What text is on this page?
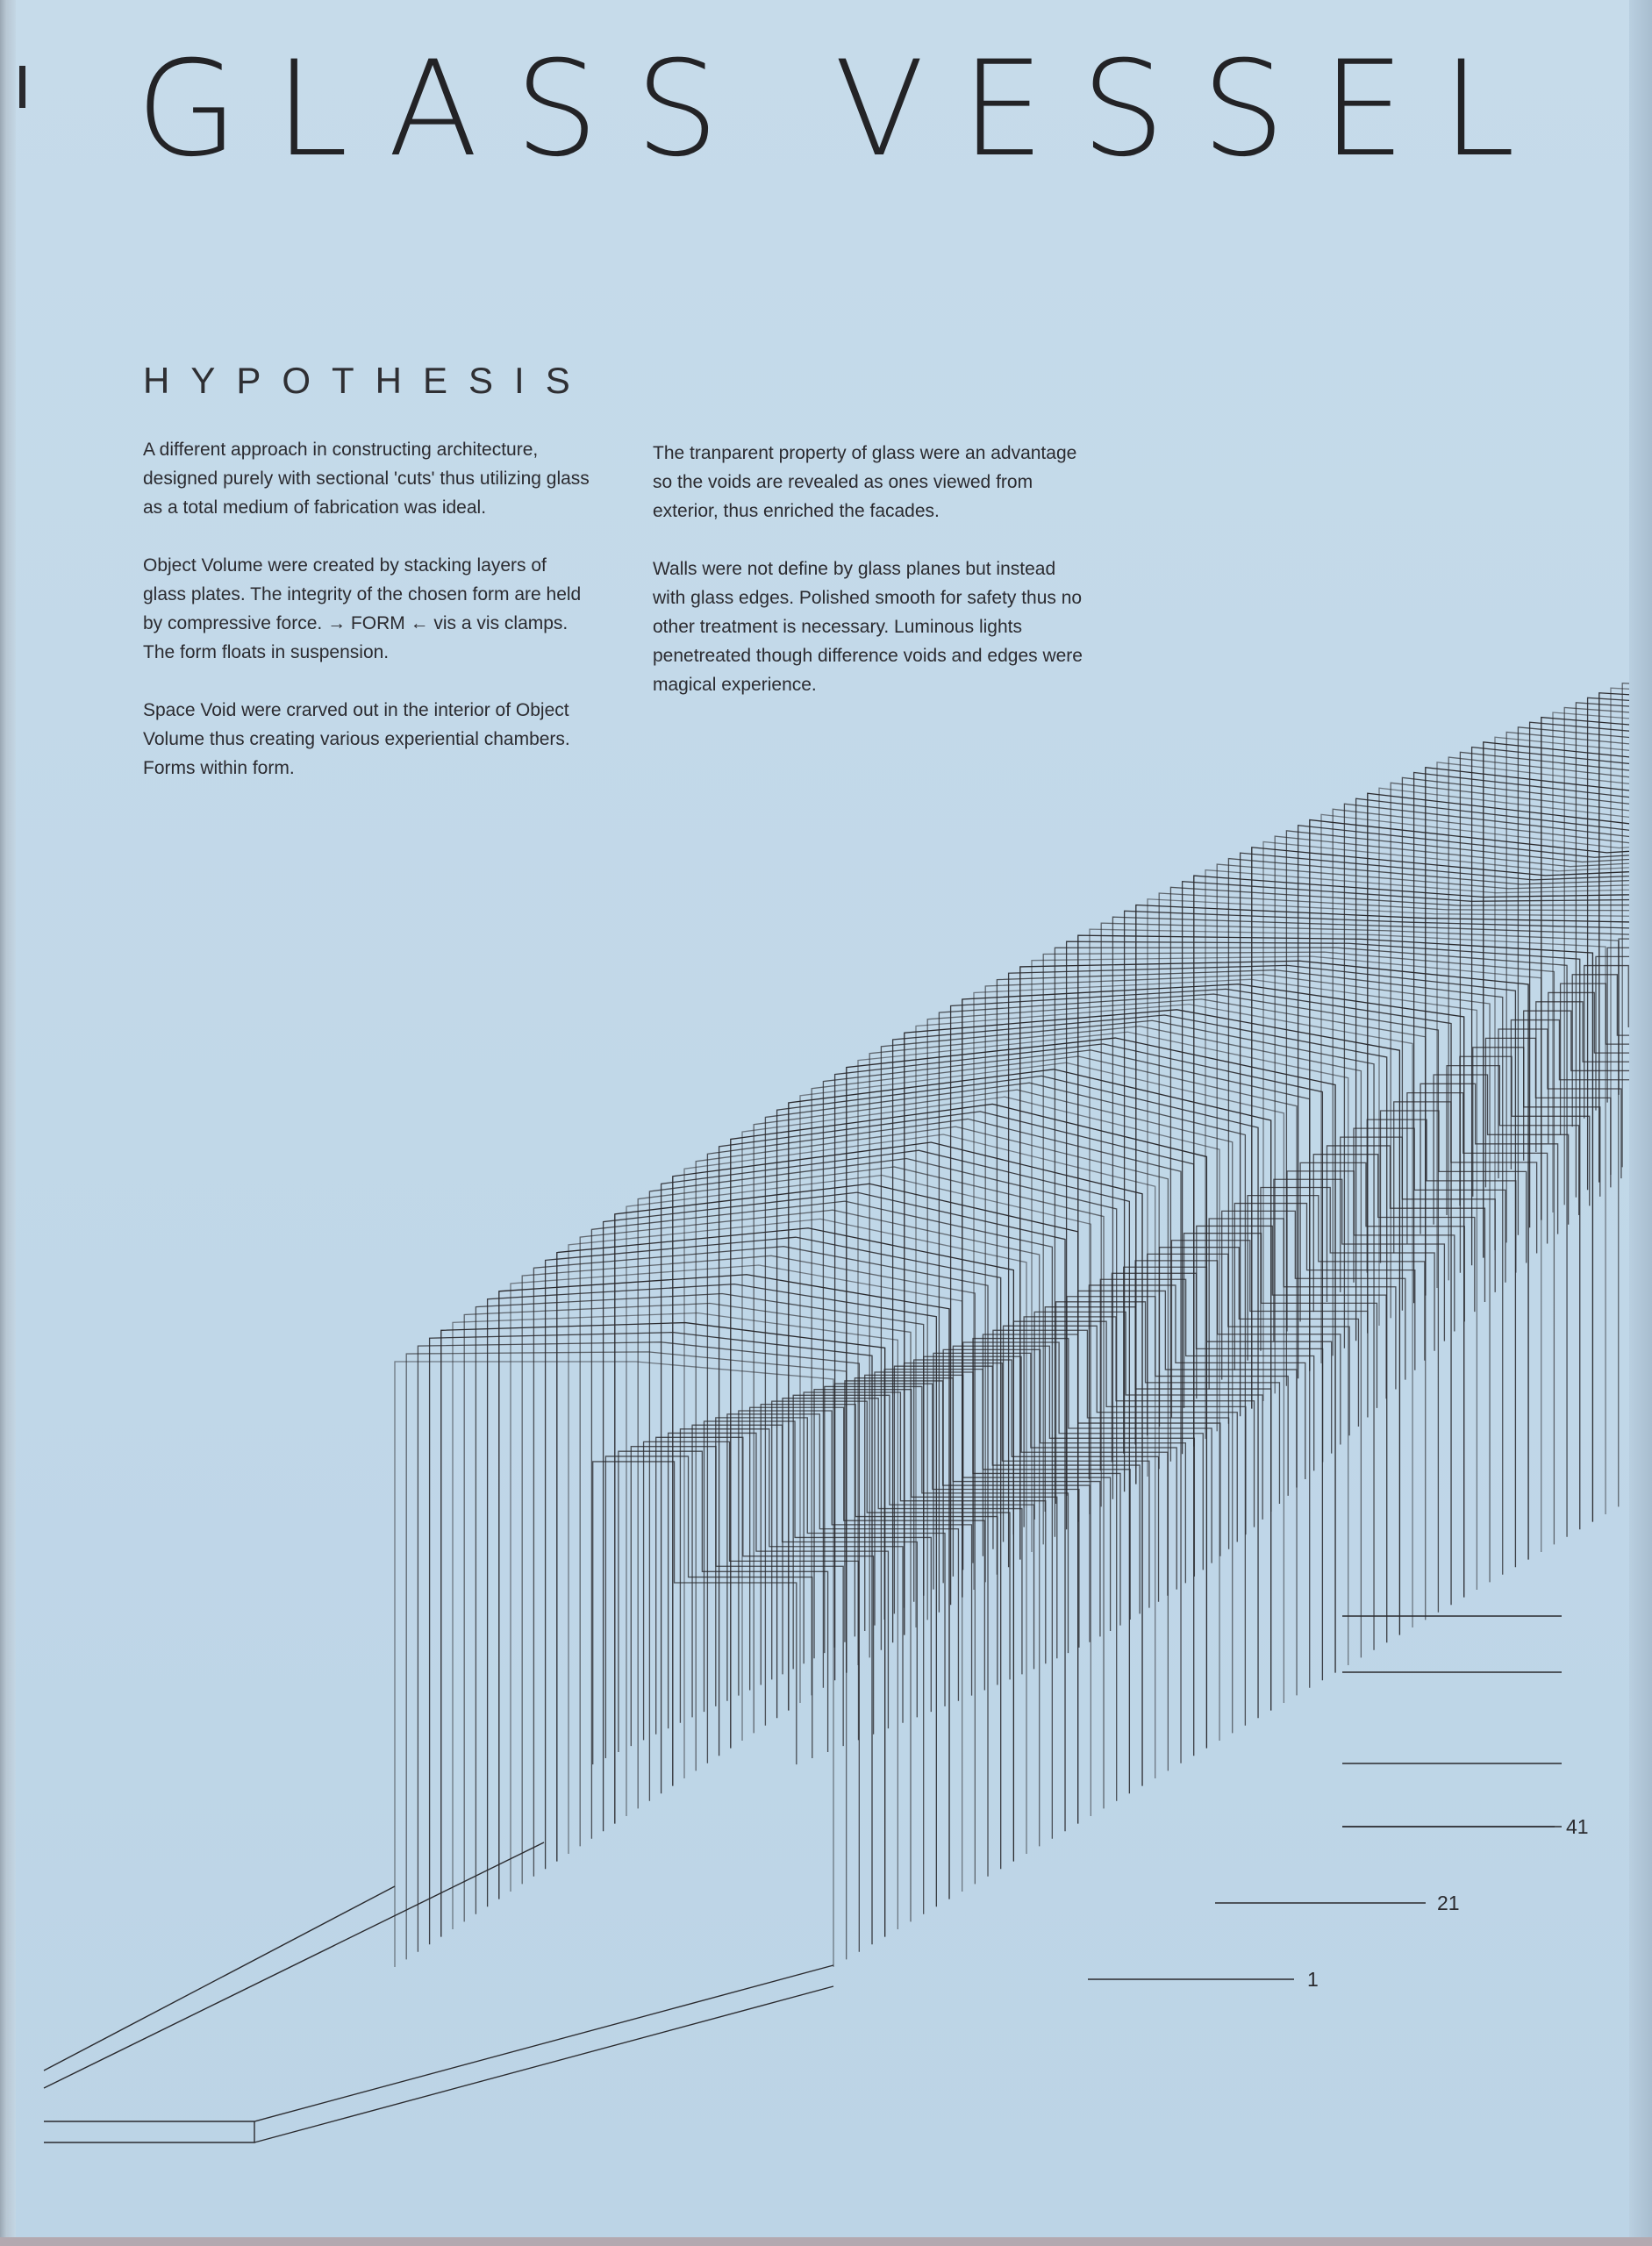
GLASS VESSEL
HYPOTHESIS

A different approach in constructing architecture, designed purely with sectional 'cuts' thus utilizing glass as a total medium of fabrication was ideal.

Object Volume were created by stacking layers of glass plates. The integrity of the chosen form are held by compressive force. → FORM ← vis a vis clamps. The form floats in suspension.

Space Void were crarved out in the interior of Object Volume thus creating various experiential chambers. Forms within form.

The tranparent property of glass were an advantage so the voids are revealed as ones viewed from exterior, thus enriched the facades.

Walls were not define by glass planes but instead with glass edges. Polished smooth for safety thus no other treatment is necessary. Luminous lights penetreated though difference voids and edges were magical experience.

41
21
1
